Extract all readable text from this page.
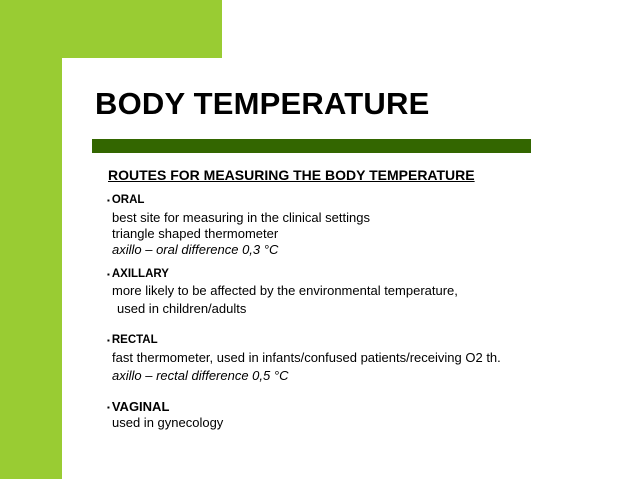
BODY TEMPERATURE
ROUTES FOR MEASURING THE BODY TEMPERATURE
▪ ORAL
best site for measuring in the clinical settings
triangle shaped thermometer
axillo – oral difference 0,3 °C
▪ AXILLARY
more likely to be affected by the environmental temperature,
used in children/adults
▪ RECTAL
fast thermometer, used in infants/confused patients/receiving O2 th.
axillo – rectal difference 0,5 °C
▪ VAGINAL
used in gynecology
